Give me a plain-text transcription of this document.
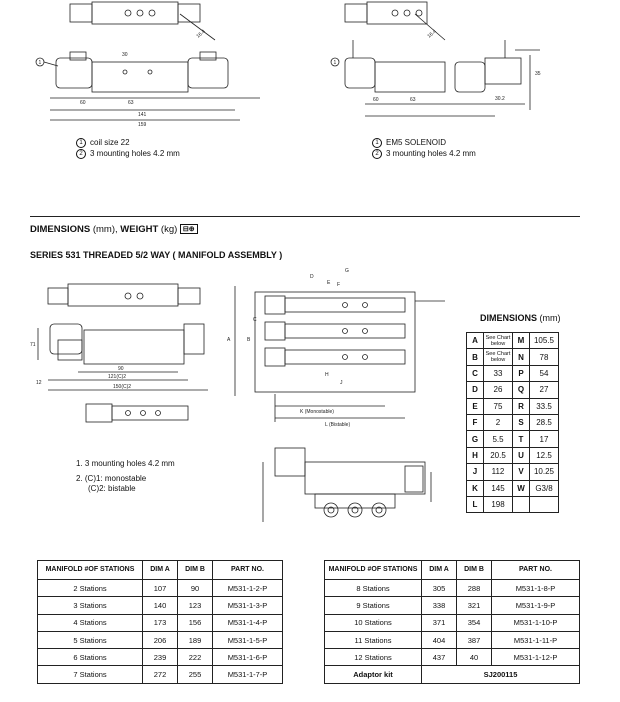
16.4
60	63
141
159
30
1
16.4
60	63
35
30.2
1
1 coil size 22
2 3 mounting holes 4.2 mm
1 EM5 SOLENOID
2 3 mounting holes 4.2 mm
DIMENSIONS (mm), WEIGHT (kg) ⊟⊕
SERIES 531 THREADED 5/2 WAY ( MANIFOLD ASSEMBLY )
71
90
12
121(C)2
150(C)2
K (Monostable)
L (Bistable)
A	B
C
D
E F
G
H
J
1. 3 mounting holes 4.2 mm
2. (C)1: monostable
(C)2: bistable
DIMENSIONS (mm)
A	See Chart below	M	105.5
B	See Chart below	N	78
C	33	P	54
D	26	Q	27
E	75	R	33.5
F	2	S	28.5
G	5.5	T	17
H	20.5	U	12.5
J	112	V	10.25
K	145	W	G3/8
L	198		
MANIFOLD #OF STATIONS	DIM A	DIM B	PART NO.
2 Stations	107	90	M531-1-2-P
3 Stations	140	123	M531-1-3-P
4 Stations	173	156	M531-1-4-P
5 Stations	206	189	M531-1-5-P
6 Stations	239	222	M531-1-6-P
7 Stations	272	255	M531-1-7-P
MANIFOLD #OF STATIONS	DIM A	DIM B	PART NO.
8 Stations	305	288	M531-1-8-P
9 Stations	338	321	M531-1-9-P
10 Stations	371	354	M531-1-10-P
11 Stations	404	387	M531-1-11-P
12 Stations	437	40	M531-1-12-P
Adaptor kit	SJ200115		
